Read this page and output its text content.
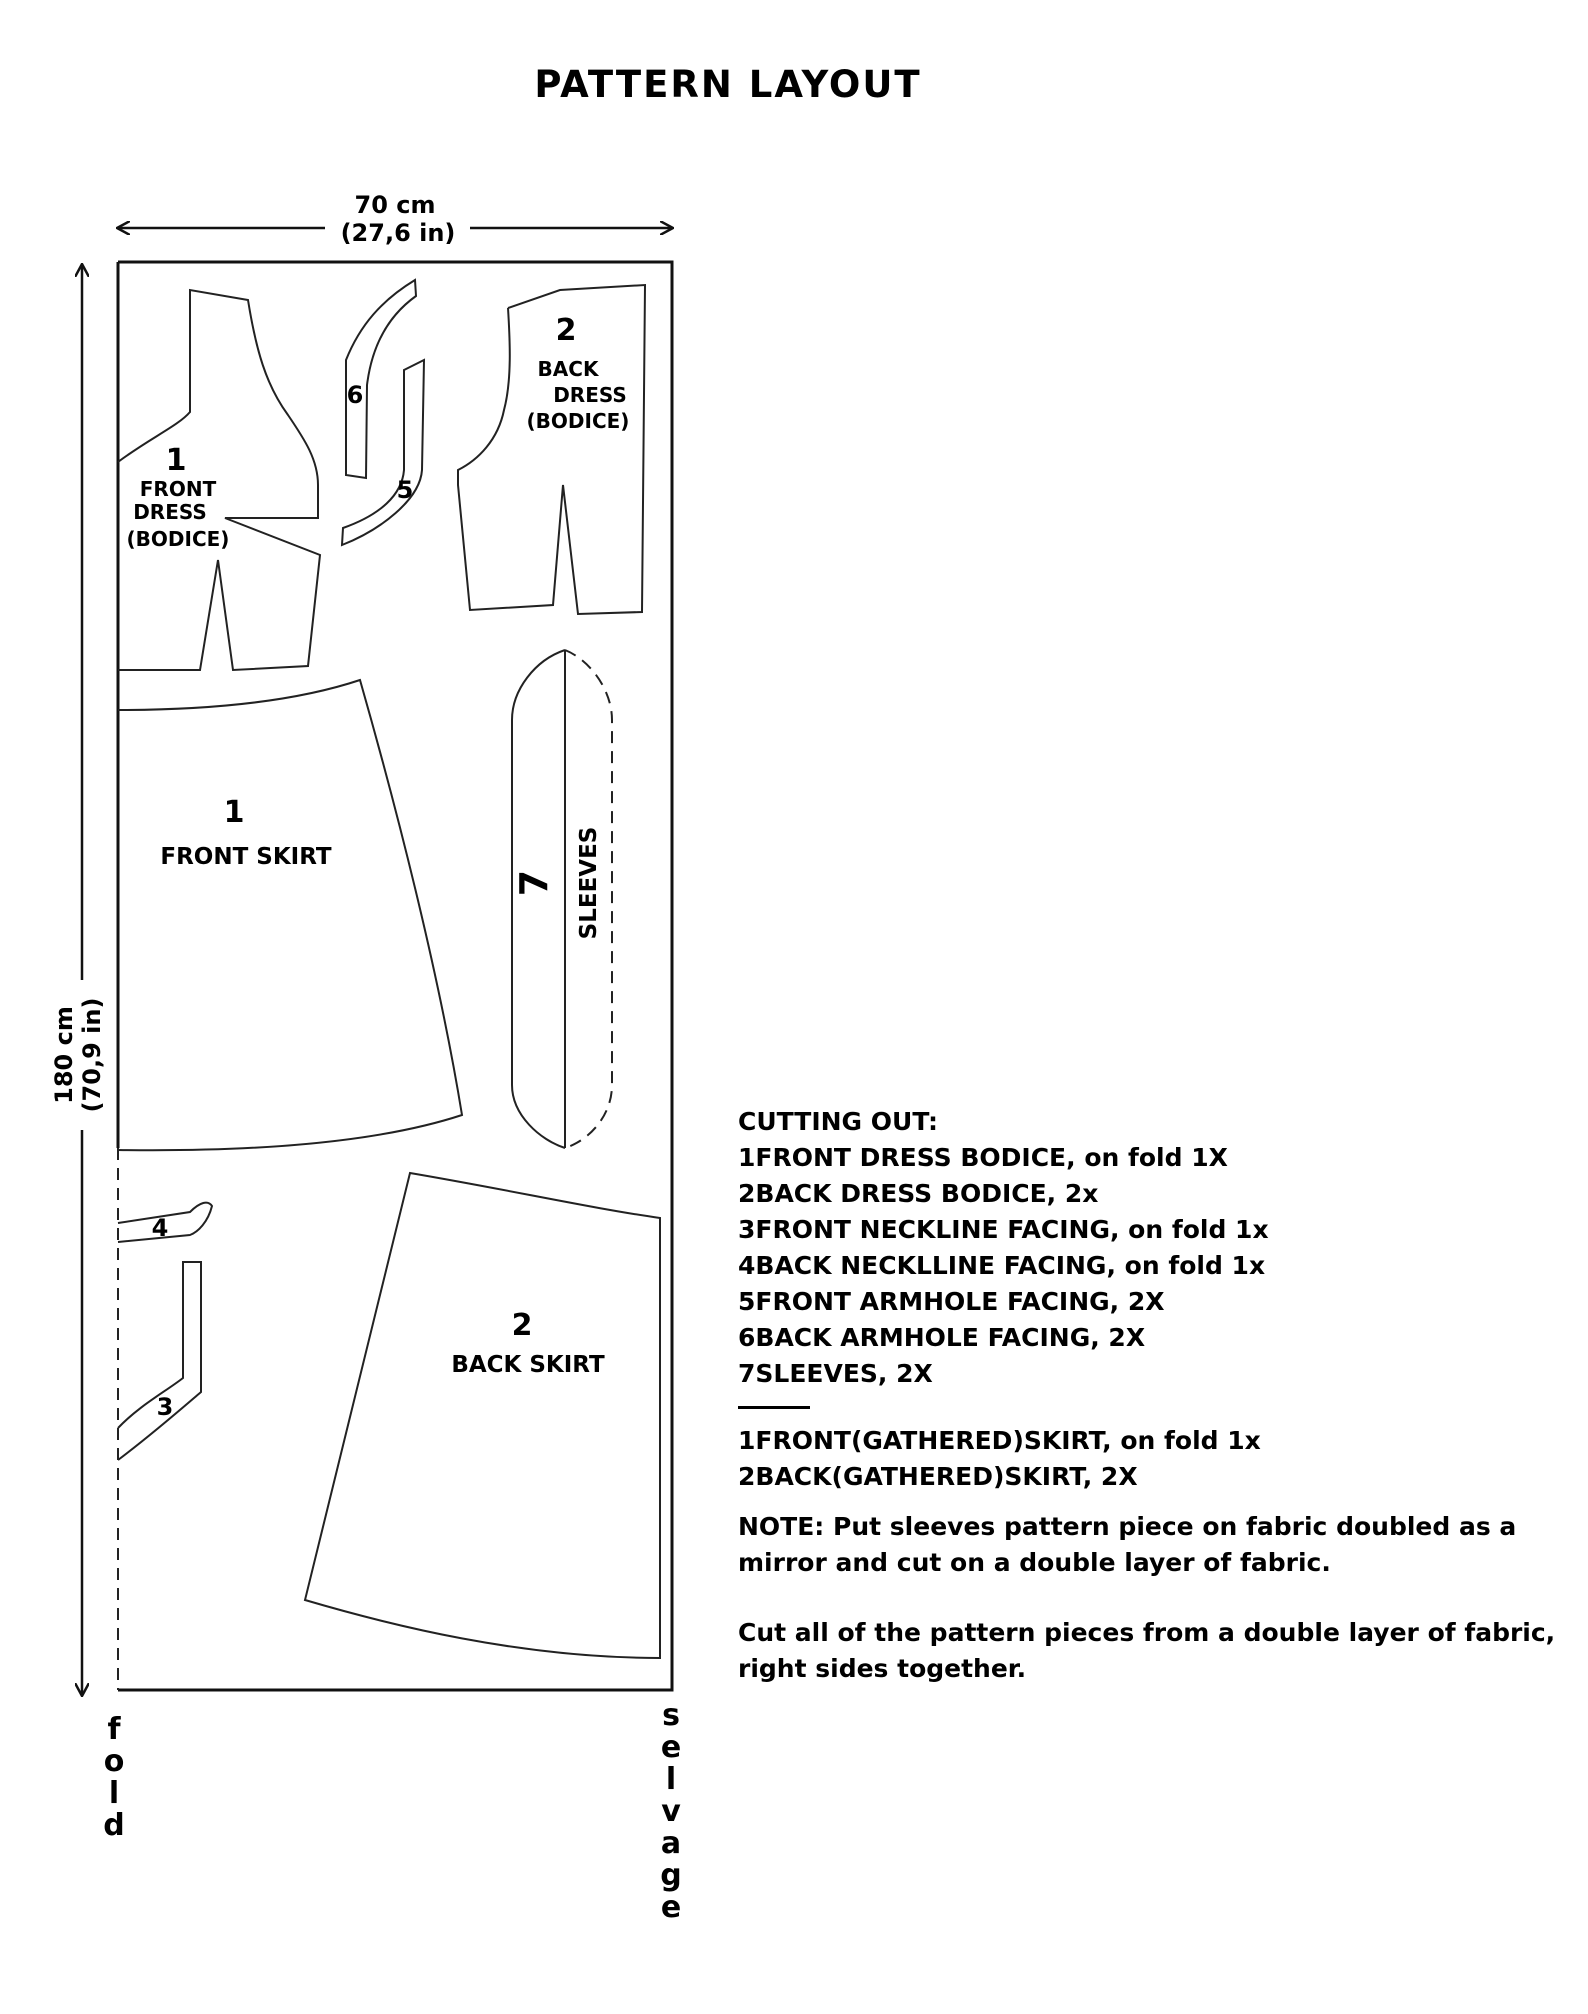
PATTERN LAYOUT
70 cm
(27,6 in)
180 cm (70,9 in)
1
FRONT
DRESS
(BODICE)
6
5
2
BACK
DRESS
(BODICE)
1
FRONT SKIRT
7 SLEEVES
4
3
2
BACK SKIRT
f
o
l
d
s
e
l
v
a
g
e
CUTTING OUT:
1FRONT DRESS BODICE, on fold 1X
2BACK DRESS BODICE, 2x
3FRONT NECKLINE FACING, on fold 1x
4BACK NECKLLINE FACING, on fold 1x
5FRONT ARMHOLE FACING, 2X
6BACK ARMHOLE FACING, 2X
7SLEEVES, 2X
1FRONT(GATHERED)SKIRT, on fold 1x
2BACK(GATHERED)SKIRT, 2X
NOTE: Put sleeves pattern piece on fabric doubled as a mirror and cut on a double layer of fabric.
Cut all of the pattern pieces from a double layer of fabric, right sides together.
